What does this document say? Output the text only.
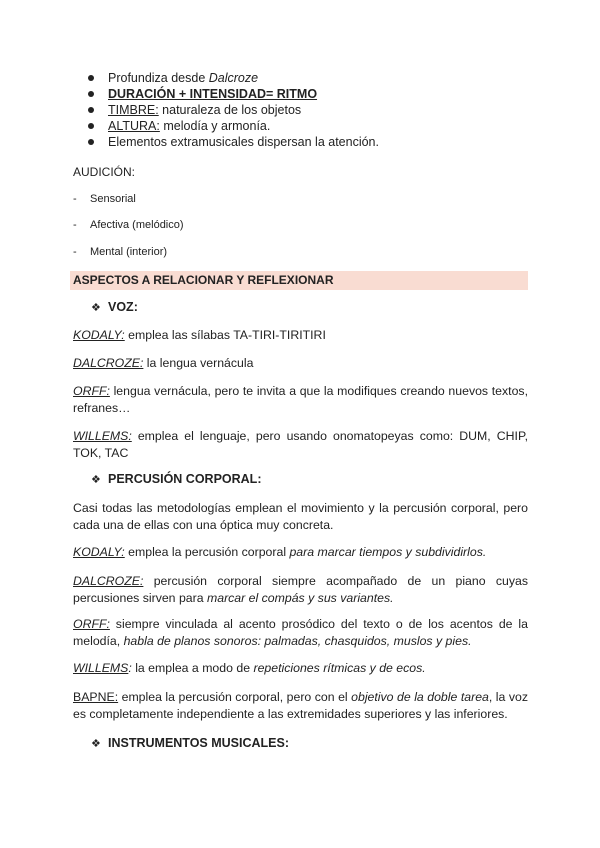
Profundiza desde Dalcroze
DURACIÓN + INTENSIDAD= RITMO
TIMBRE: naturaleza de los objetos
ALTURA: melodía y armonía.
Elementos extramusicales dispersan la atención.
AUDICIÓN:
- Sensorial
- Afectiva (melódico)
- Mental (interior)
ASPECTOS A RELACIONAR Y REFLEXIONAR
❖ VOZ:
KODALY: emplea las sílabas TA-TIRI-TIRITIRI
DALCROZE: la lengua vernácula
ORFF: lengua vernácula, pero te invita a que la modifiques creando nuevos textos, refranes…
WILLEMS: emplea el lenguaje, pero usando onomatopeyas como: DUM, CHIP, TOK, TAC
❖ PERCUSIÓN CORPORAL:
Casi todas las metodologías emplean el movimiento y la percusión corporal, pero cada una de ellas con una óptica muy concreta.
KODALY: emplea la percusión corporal para marcar tiempos y subdividirlos.
DALCROZE: percusión corporal siempre acompañado de un piano cuyas percusiones sirven para marcar el compás y sus variantes.
ORFF: siempre vinculada al acento prosódico del texto o de los acentos de la melodía, habla de planos sonoros: palmadas, chasquidos, muslos y pies.
WILLEMS: la emplea a modo de repeticiones rítmicas y de ecos.
BAPNE: emplea la percusión corporal, pero con el objetivo de la doble tarea, la voz es completamente independiente a las extremidades superiores y las inferiores.
❖ INSTRUMENTOS MUSICALES:
